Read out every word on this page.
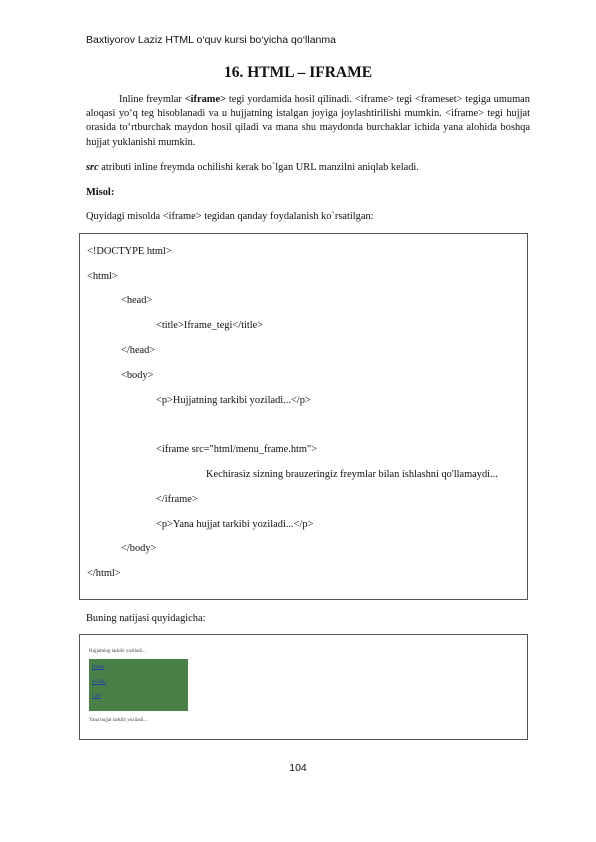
Baxtiyorov Laziz HTML o‘quv kursi bo‘yicha qo‘llanma
16. HTML – IFRAME

Inline freymlar <iframe> tegi yordamida hosil qilinadi. <iframe> tegi <frameset> tegiga umuman aloqasi yo‘q teg hisoblanadi va u hujjatning istalgan joyiga joylashtirilishi mumkin. <iframe> tegi hujjat orasida to‘rtburchak maydon hosil qiladi va mana shu maydonda burchaklar ichida yana alohida boshqa hujjat yuklanishi mumkin.

src atributi inline freymda ochilishi kerak bo`lgan URL manzilni aniqlab keladi.

Misol:

Quyidagi misolda <iframe> tegidan qanday foydalanish ko`rsatilgan:

<!DOCTYPE html>
<html>
<head>
<title>Iframe_tegi</title>
</head>
<body>
<p>Hujjatning tarkibi yoziladi...</p>
<iframe src="html/menu_frame.htm">
Kechirasiz sizning brauzeringiz freymlar bilan ishlashni qo'llamaydi...
</iframe>
<p>Yana hujjat tarkibi yoziladi...</p>
</body>
</html>

Buning natijasi quyidagicha:

Hujjatning tarkibi yoziladi...
Home
HTML
CSS
Yana hujjat tarkibi yoziladi...
104
